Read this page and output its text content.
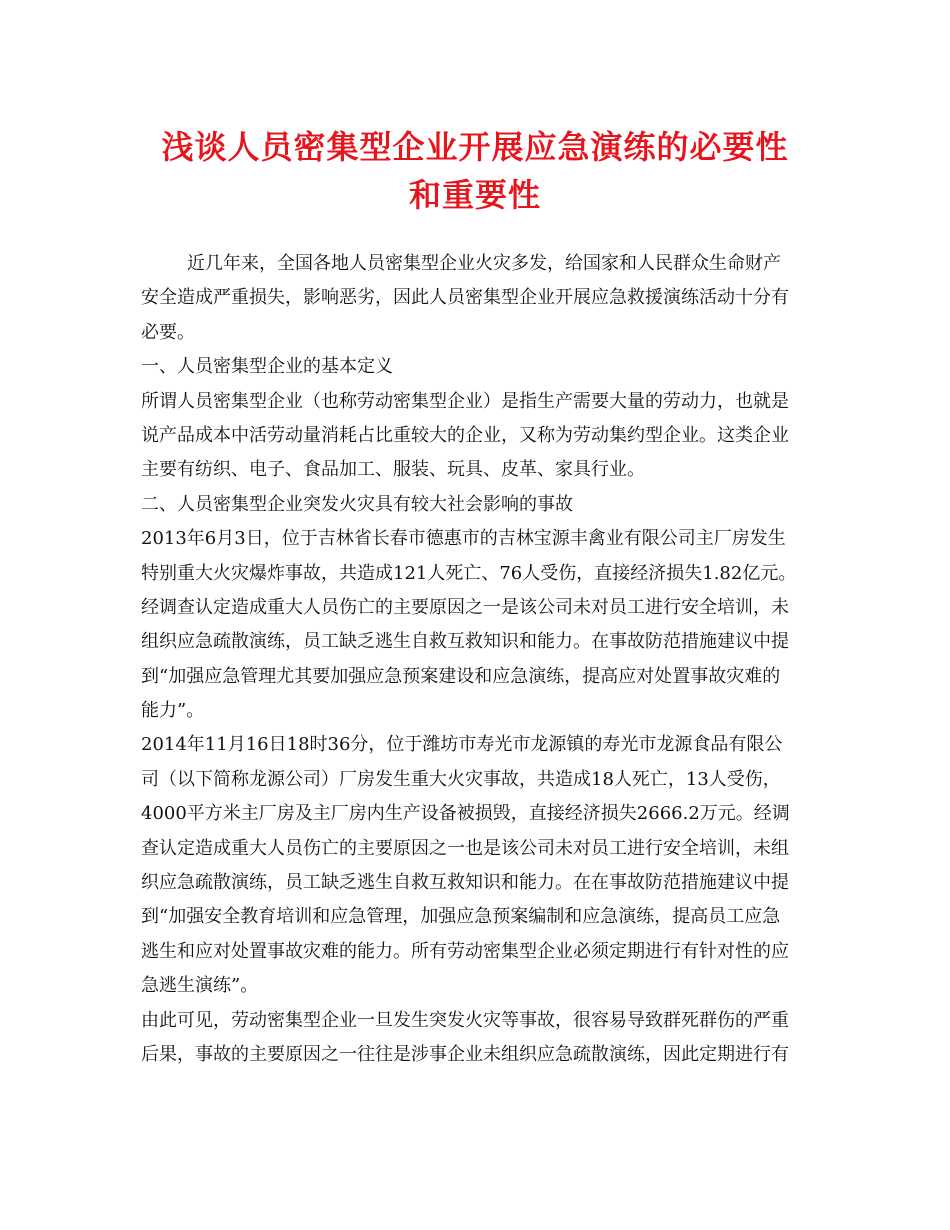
浅谈人员密集型企业开展应急演练的必要性
和重要性
近几年来，全国各地人员密集型企业火灾多发，给国家和人民群众生命财产
安全造成严重损失，影响恶劣，因此人员密集型企业开展应急救援演练活动十分有
必要。
一、人员密集型企业的基本定义
所谓人员密集型企业（也称劳动密集型企业）是指生产需要大量的劳动力，也就是
说产品成本中活劳动量消耗占比重较大的企业，又称为劳动集约型企业。这类企业
主要有纺织、电子、食品加工、服装、玩具、皮革、家具行业。
二、人员密集型企业突发火灾具有较大社会影响的事故
2013年6月3日，位于吉林省长春市德惠市的吉林宝源丰禽业有限公司主厂房发生
特别重大火灾爆炸事故，共造成121人死亡、76人受伤，直接经济损失1.82亿元。
经调查认定造成重大人员伤亡的主要原因之一是该公司未对员工进行安全培训，未
组织应急疏散演练，员工缺乏逃生自救互救知识和能力。在事故防范措施建议中提
到“加强应急管理尤其要加强应急预案建设和应急演练，提高应对处置事故灾难的
能力”。
2014年11月16日18时36分，位于潍坊市寿光市龙源镇的寿光市龙源食品有限公
司（以下简称龙源公司）厂房发生重大火灾事故，共造成18人死亡，13人受伤，
4000平方米主厂房及主厂房内生产设备被损毁，直接经济损失2666.2万元。经调
查认定造成重大人员伤亡的主要原因之一也是该公司未对员工进行安全培训，未组
织应急疏散演练，员工缺乏逃生自救互救知识和能力。在在事故防范措施建议中提
到“加强安全教育培训和应急管理，加强应急预案编制和应急演练，提高员工应急
逃生和应对处置事故灾难的能力。所有劳动密集型企业必须定期进行有针对性的应
急逃生演练”。
由此可见，劳动密集型企业一旦发生突发火灾等事故，很容易导致群死群伤的严重
后果，事故的主要原因之一往往是涉事企业未组织应急疏散演练，因此定期进行有
